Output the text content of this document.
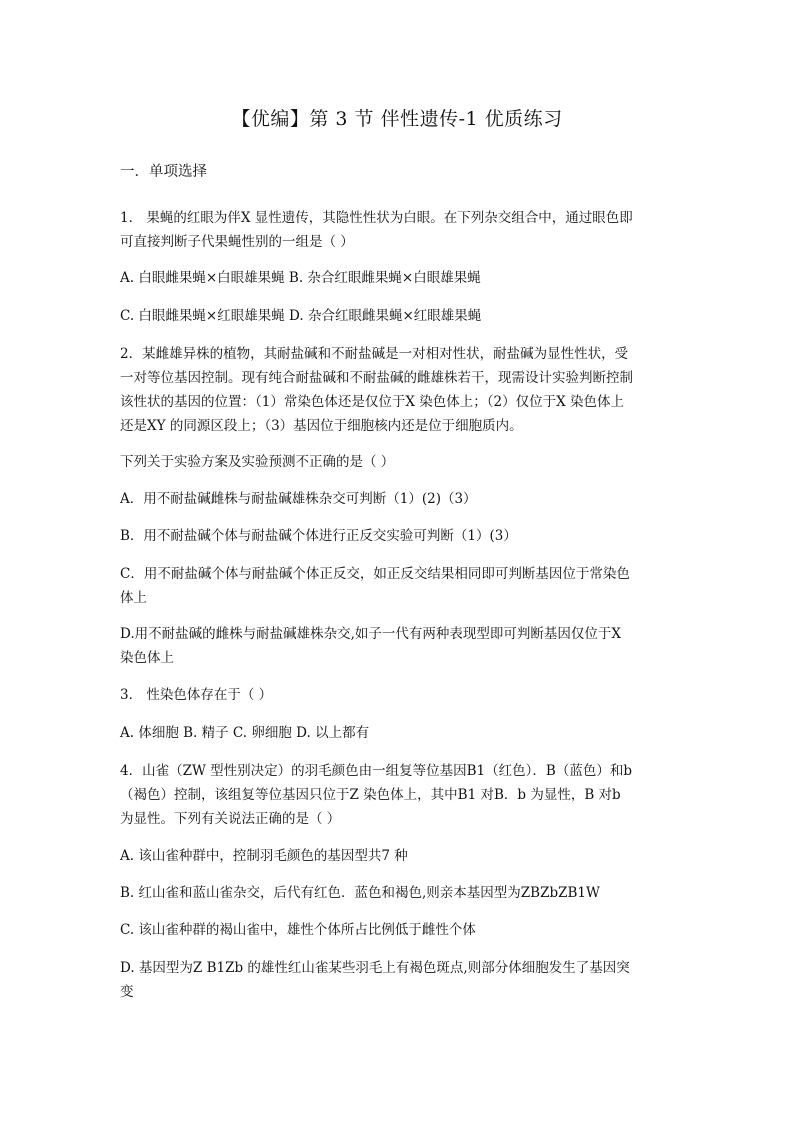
【优编】第 3 节 伴性遗传-1 优质练习
一．单项选择
1． 果蝇的红眼为伴X 显性遗传，其隐性性状为白眼。在下列杂交组合中，通过眼色即
可直接判断子代果蝇性别的一组是（ ）
A. 白眼雌果蝇×白眼雄果蝇 B. 杂合红眼雌果蝇×白眼雄果蝇
C. 白眼雌果蝇×红眼雄果蝇 D. 杂合红眼雌果蝇×红眼雄果蝇
2．某雌雄异株的植物，其耐盐碱和不耐盐碱是一对相对性状，耐盐碱为显性性状，受
一对等位基因控制。现有纯合耐盐碱和不耐盐碱的雌雄株若干，现需设计实验判断控制
该性状的基因的位置：（1）常染色体还是仅位于X 染色体上；（2）仅位于X 染色体上
还是XY 的同源区段上；（3）基因位于细胞核内还是位于细胞质内。
下列关于实验方案及实验预测不正确的是（ ）
A．用不耐盐碱雌株与耐盐碱雄株杂交可判断（1）(2)（3）
B．用不耐盐碱个体与耐盐碱个体进行正反交实验可判断（1）(3）
C．用不耐盐碱个体与耐盐碱个体正反交，如正反交结果相同即可判断基因位于常染色
体上
D.用不耐盐碱的雌株与耐盐碱雄株杂交,如子一代有两种表现型即可判断基因仅位于X
染色体上
3． 性染色体存在于（ ）
A. 体细胞 B. 精子 C. 卵细胞 D. 以上都有
4．山雀（ZW 型性别决定）的羽毛颜色由一组复等位基因B1（红色）．B（蓝色）和b
（褐色）控制，该组复等位基因只位于Z 染色体上，其中B1 对B．b 为显性，B 对b
为显性。下列有关说法正确的是（ ）
A. 该山雀种群中，控制羽毛颜色的基因型共7 种
B. 红山雀和蓝山雀杂交，后代有红色．蓝色和褐色,则亲本基因型为ZBZbZB1W
C. 该山雀种群的褐山雀中，雄性个体所占比例低于雌性个体
D. 基因型为Z B1Zb 的雄性红山雀某些羽毛上有褐色斑点,则部分体细胞发生了基因突
变
